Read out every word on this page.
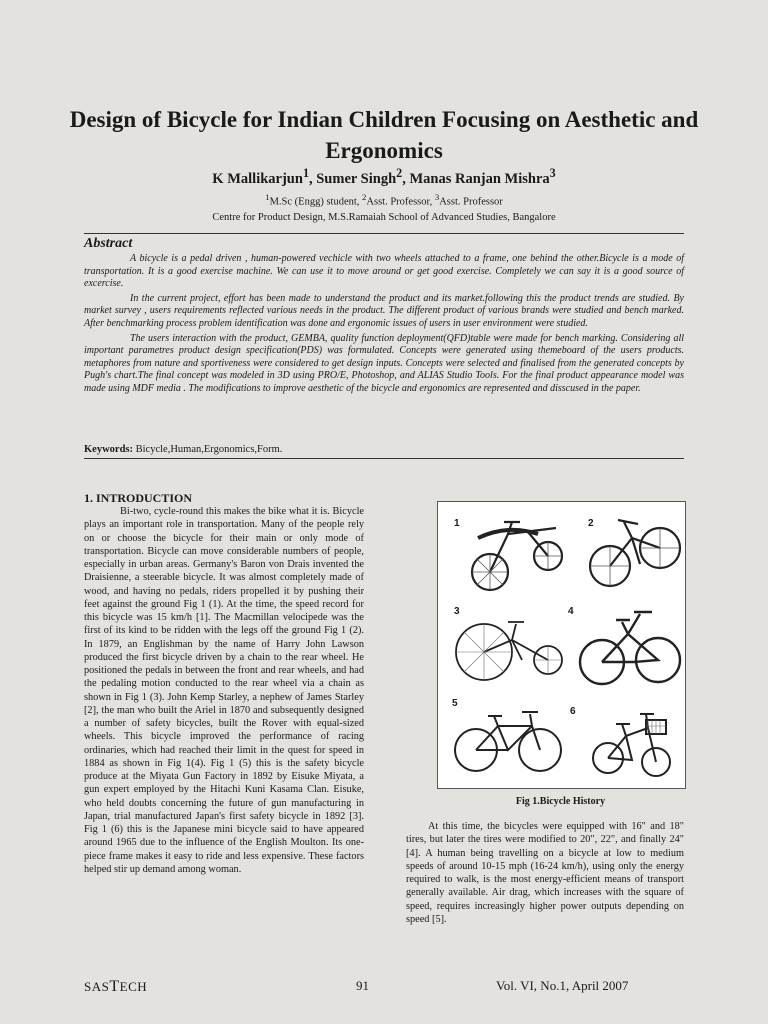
Design of Bicycle for Indian Children Focusing on Aesthetic and Ergonomics
K Mallikarjun$^1$, Sumer Singh$^2$, Manas Ranjan Mishra$^3$
$^1$M.Sc (Engg) student, $^2$Asst. Professor, $^3$Asst. Professor
Centre for Product Design, M.S.Ramaiah School of Advanced Studies, Bangalore
Abstract

A bicycle is a pedal driven , human-powered vechicle with two wheels attached to a frame, one behind the other.Bicycle is a mode of transportation. It is a good exercise machine. We can use it to move around or get good exercise. Completely we can say it is a good source of excercise.

In the current project, effort has been made to understand the product and its market.following this the product trends are studied. By market survey , users requirements reflected various needs in the product. The different product of various brands were studied and bench marked. After benchmarking process problem identification was done and ergonomic issues of users in user environment were studied.

The users interaction with the product, GEMBA, quality function deployment(QFD)table were made for bench marking. Considering all important parametres product design specification(PDS) was formulated. Concepts were generated using themeboard of the users products. metaphores from nature and sportiveness were considered to get design inputs. Concepts were selected and finalised from the generated concepts by Pugh's chart.The final concept was modeled in 3D using PRO/E, Photoshop, and ALIAS Studio Tools. For the final product appearance model was made using MDF media . The modifications to improve aesthetic of the bicycle and ergonomics are represented and disscused in the paper.

Keywords: Bicycle,Human,Ergonomics,Form.
1. INTRODUCTION

Bi-two, cycle-round this makes the bike what it is. Bicycle plays an important role in transportation. Many of the people rely on or choose the bicycle for their main or only mode of transportation. Bicycle can move considerable numbers of people, especially in urban areas. Germany's Baron von Drais invented the Draisienne, a steerable bicycle. It was almost completely made of wood, and having no pedals, riders propelled it by pushing their feet against the ground Fig 1 (1). At the time, the speed record for this bicycle was 15 km/h [1]. The Macmillan velocipede was the first of its kind to be ridden with the legs off the ground Fig 1 (2). In 1879, an Englishman by the name of Harry John Lawson produced the first bicycle driven by a chain to the rear wheel. He positioned the pedals in between the front and rear wheels, and had the pedaling motion conducted to the rear wheel via a chain as shown in Fig 1 (3). John Kemp Starley, a nephew of James Starley [2], the man who built the Ariel in 1870 and subsequently designed a number of safety bicycles, built the Rover with equal-sized wheels. This bicycle improved the performance of racing ordinaries, which had reached their limit in the quest for speed in 1884 as shown in Fig 1(4). Fig 1 (5) this is the safety bicycle produce at the Miyata Gun Factory in 1892 by Eisuke Miyata, a gun expert employed by the Hitachi Kuni Kasama Clan. Eisuke, who held doubts concerning the future of gun manufacturing in Japan, trial manufactured Japan's first safety bicycle in 1892 [3]. Fig 1 (6) this is the Japanese mini bicycle said to have appeared around 1965 due to the influence of the English Moulton. Its one-piece frame makes it easy to ride and less expensive. These factors helped stir up demand among woman.

1	2
3	4
5
6
Fig 1.Bicycle History

At this time, the bicycles were equipped with 16" and 18" tires, but later the tires were modified to 20", 22", and finally 24" [4]. A human being travelling on a bicycle at low to medium speeds of around 10-15 mph (16-24 km/h), using only the energy required to walk, is the most energy-efficient means of transport generally available. Air drag, which increases with the square of speed, requires increasingly higher power outputs depending on speed [5].

SASTECH	91	Vol. VI, No.1, April 2007
